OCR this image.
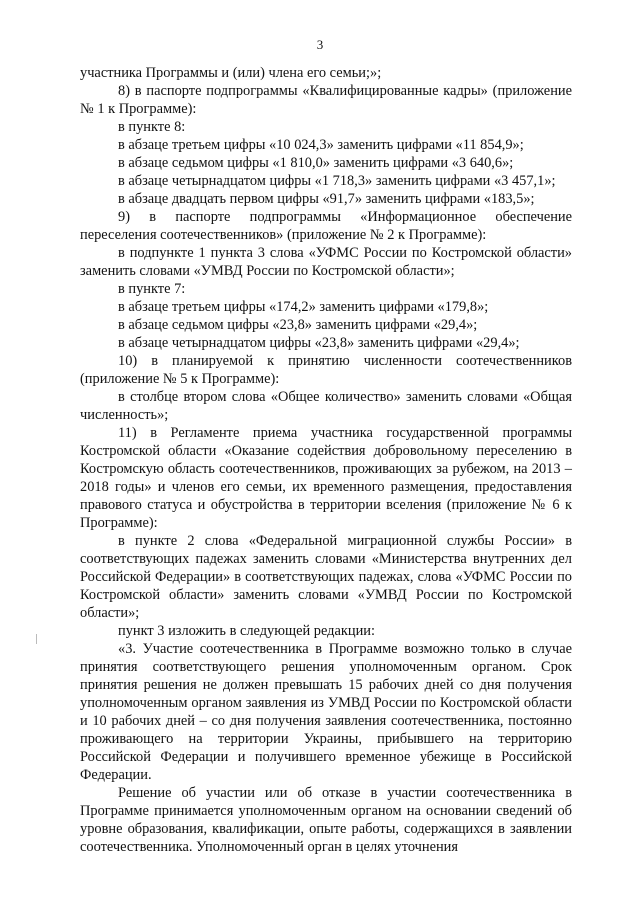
3

участника Программы и (или) члена его семьи;»;

8) в паспорте подпрограммы «Квалифицированные кадры» (приложение № 1 к Программе):

в пункте 8:

в абзаце третьем цифры «10 024,3» заменить цифрами «11 854,9»;

в абзаце седьмом цифры «1 810,0» заменить цифрами «3 640,6»;

в абзаце четырнадцатом цифры «1 718,3» заменить цифрами «3 457,1»;

в абзаце двадцать первом цифры «91,7» заменить цифрами «183,5»;

9) в паспорте подпрограммы «Информационное обеспечение переселения соотечественников» (приложение № 2 к Программе):

в подпункте 1 пункта 3 слова «УФМС России по Костромской области» заменить словами «УМВД России по Костромской области»;

в пункте 7:

в абзаце третьем цифры «174,2» заменить цифрами «179,8»;

в абзаце седьмом цифры «23,8» заменить цифрами «29,4»;

в абзаце четырнадцатом цифры «23,8» заменить цифрами «29,4»;

10) в планируемой к принятию численности соотечественников (приложение № 5 к Программе):

в столбце втором слова «Общее количество» заменить словами «Общая численность»;

11) в Регламенте приема участника государственной программы Костромской области «Оказание содействия добровольному переселению в Костромскую область соотечественников, проживающих за рубежом, на 2013 – 2018 годы» и членов его семьи, их временного размещения, предоставления правового статуса и обустройства в территории вселения (приложение № 6 к Программе):

в пункте 2 слова «Федеральной миграционной службы России» в соответствующих падежах заменить словами «Министерства внутренних дел Российской Федерации» в соответствующих падежах, слова «УФМС России по Костромской области» заменить словами «УМВД России по Костромской области»;

пункт 3 изложить в следующей редакции:

«3. Участие соотечественника в Программе возможно только в случае принятия соответствующего решения уполномоченным органом. Срок принятия решения не должен превышать 15 рабочих дней со дня получения уполномоченным органом заявления из УМВД России по Костромской области и 10 рабочих дней – со дня получения заявления соотечественника, постоянно проживающего на территории Украины, прибывшего на территорию Российской Федерации и получившего временное убежище в Российской Федерации.

Решение об участии или об отказе в участии соотечественника в Программе принимается уполномоченным органом на основании сведений об уровне образования, квалификации, опыте работы, содержащихся в заявлении соотечественника. Уполномоченный орган в целях уточнения
